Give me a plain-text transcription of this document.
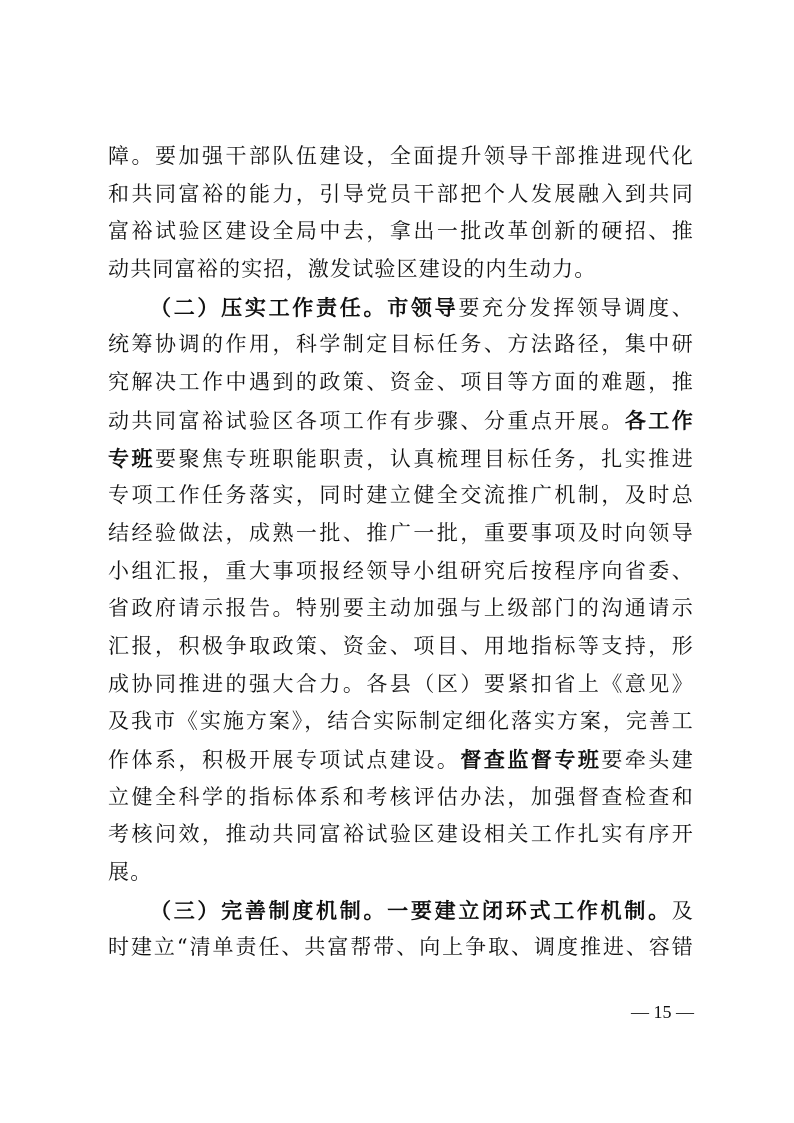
障。要加强干部队伍建设，全面提升领导干部推进现代化
和共同富裕的能力，引导党员干部把个人发展融入到共同
富裕试验区建设全局中去，拿出一批改革创新的硬招、推
动共同富裕的实招，激发试验区建设的内生动力。
（二）压实工作责任。市领导要充分发挥领导调度、
统筹协调的作用，科学制定目标任务、方法路径，集中研
究解决工作中遇到的政策、资金、项目等方面的难题，推
动共同富裕试验区各项工作有步骤、分重点开展。各工作
专班要聚焦专班职能职责，认真梳理目标任务，扎实推进
专项工作任务落实，同时建立健全交流推广机制，及时总
结经验做法，成熟一批、推广一批，重要事项及时向领导
小组汇报，重大事项报经领导小组研究后按程序向省委、
省政府请示报告。特别要主动加强与上级部门的沟通请示
汇报，积极争取政策、资金、项目、用地指标等支持，形
成协同推进的强大合力。各县（区）要紧扣省上《意见》
及我市《实施方案》，结合实际制定细化落实方案，完善工
作体系，积极开展专项试点建设。督查监督专班要牵头建
立健全科学的指标体系和考核评估办法，加强督查检查和
考核问效，推动共同富裕试验区建设相关工作扎实有序开
展。
（三）完善制度机制。一要建立闭环式工作机制。及
时建立“清单责任、共富帮带、向上争取、调度推进、容错
— 15 —
